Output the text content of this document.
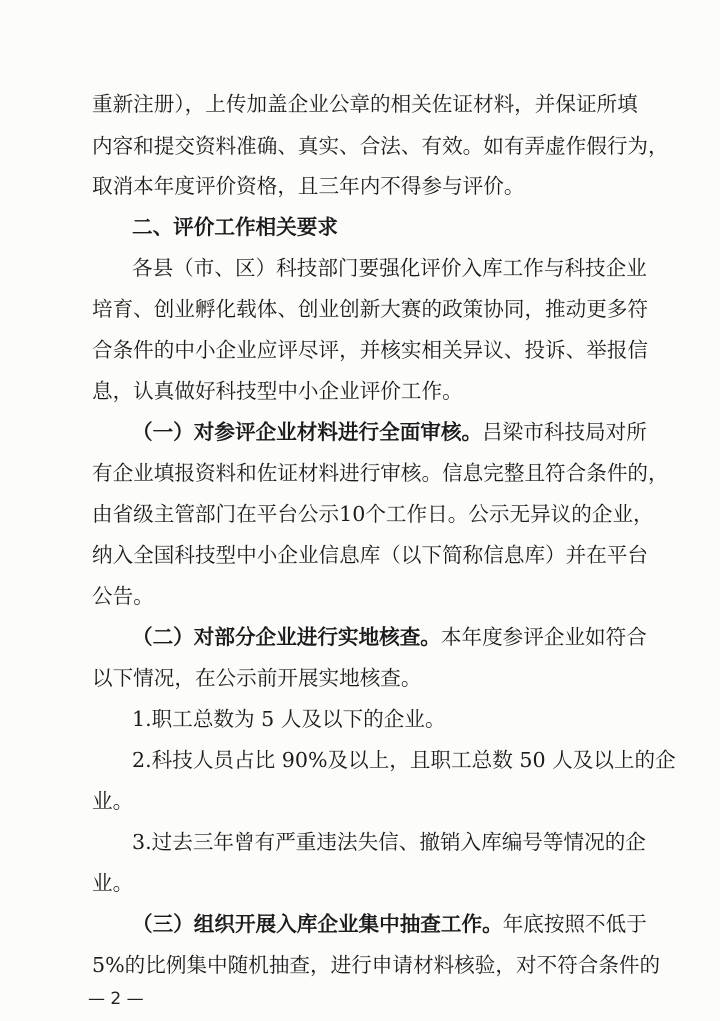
重新注册），上传加盖企业公章的相关佐证材料，并保证所填
内容和提交资料准确、真实、合法、有效。如有弄虚作假行为，
取消本年度评价资格，且三年内不得参与评价。
二、评价工作相关要求
各县（市、区）科技部门要强化评价入库工作与科技企业
培育、创业孵化载体、创业创新大赛的政策协同，推动更多符
合条件的中小企业应评尽评，并核实相关异议、投诉、举报信
息，认真做好科技型中小企业评价工作。
（一）对参评企业材料进行全面审核。吕梁市科技局对所
有企业填报资料和佐证材料进行审核。信息完整且符合条件的，
由省级主管部门在平台公示10个工作日。公示无异议的企业，
纳入全国科技型中小企业信息库（以下简称信息库）并在平台
公告。
（二）对部分企业进行实地核查。本年度参评企业如符合
以下情况，在公示前开展实地核查。
1.职工总数为 5 人及以下的企业。
2.科技人员占比 90%及以上，且职工总数 50 人及以上的企
业。
3.过去三年曾有严重违法失信、撤销入库编号等情况的企
业。
（三）组织开展入库企业集中抽查工作。年底按照不低于
5%的比例集中随机抽查，进行申请材料核验，对不符合条件的
— 2 —
